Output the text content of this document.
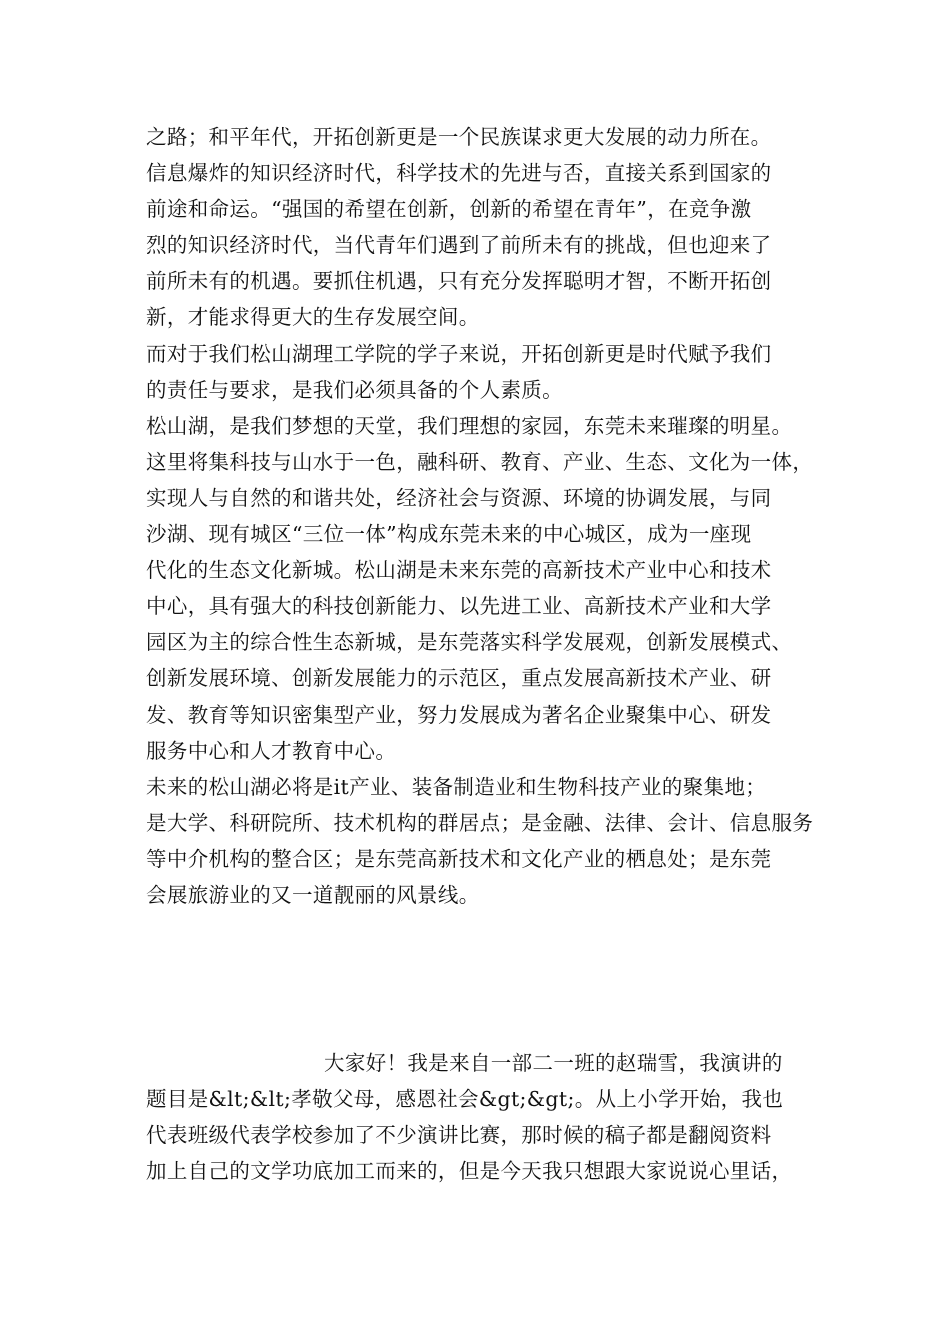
之路；和平年代，开拓创新更是一个民族谋求更大发展的动力所在。
信息爆炸的知识经济时代，科学技术的先进与否，直接关系到国家的
前途和命运。“强国的希望在创新，创新的希望在青年”，在竞争激
烈的知识经济时代，当代青年们遇到了前所未有的挑战，但也迎来了
前所未有的机遇。要抓住机遇，只有充分发挥聪明才智，不断开拓创
新，才能求得更大的生存发展空间。
而对于我们松山湖理工学院的学子来说，开拓创新更是时代赋予我们
的责任与要求，是我们必须具备的个人素质。
松山湖，是我们梦想的天堂，我们理想的家园，东莞未来璀璨的明星。
这里将集科技与山水于一色，融科研、教育、产业、生态、文化为一体，
实现人与自然的和谐共处，经济社会与资源、环境的协调发展，与同
沙湖、现有城区“三位一体”构成东莞未来的中心城区，成为一座现
代化的生态文化新城。松山湖是未来东莞的高新技术产业中心和技术
中心，具有强大的科技创新能力、以先进工业、高新技术产业和大学
园区为主的综合性生态新城，是东莞落实科学发展观，创新发展模式、
创新发展环境、创新发展能力的示范区，重点发展高新技术产业、研
发、教育等知识密集型产业，努力发展成为著名企业聚集中心、研发
服务中心和人才教育中心。
未来的松山湖必将是it产业、装备制造业和生物科技产业的聚集地；
是大学、科研院所、技术机构的群居点；是金融、法律、会计、信息服务
等中介机构的整合区；是东莞高新技术和文化产业的栖息处；是东莞
会展旅游业的又一道靓丽的风景线。
大家好！我是来自一部二一班的赵瑞雪，我演讲的
题目是&lt;&lt;孝敬父母，感恩社会&gt;&gt;。从上小学开始，我也
代表班级代表学校参加了不少演讲比赛，那时候的稿子都是翻阅资料
加上自己的文学功底加工而来的，但是今天我只想跟大家说说心里话，
